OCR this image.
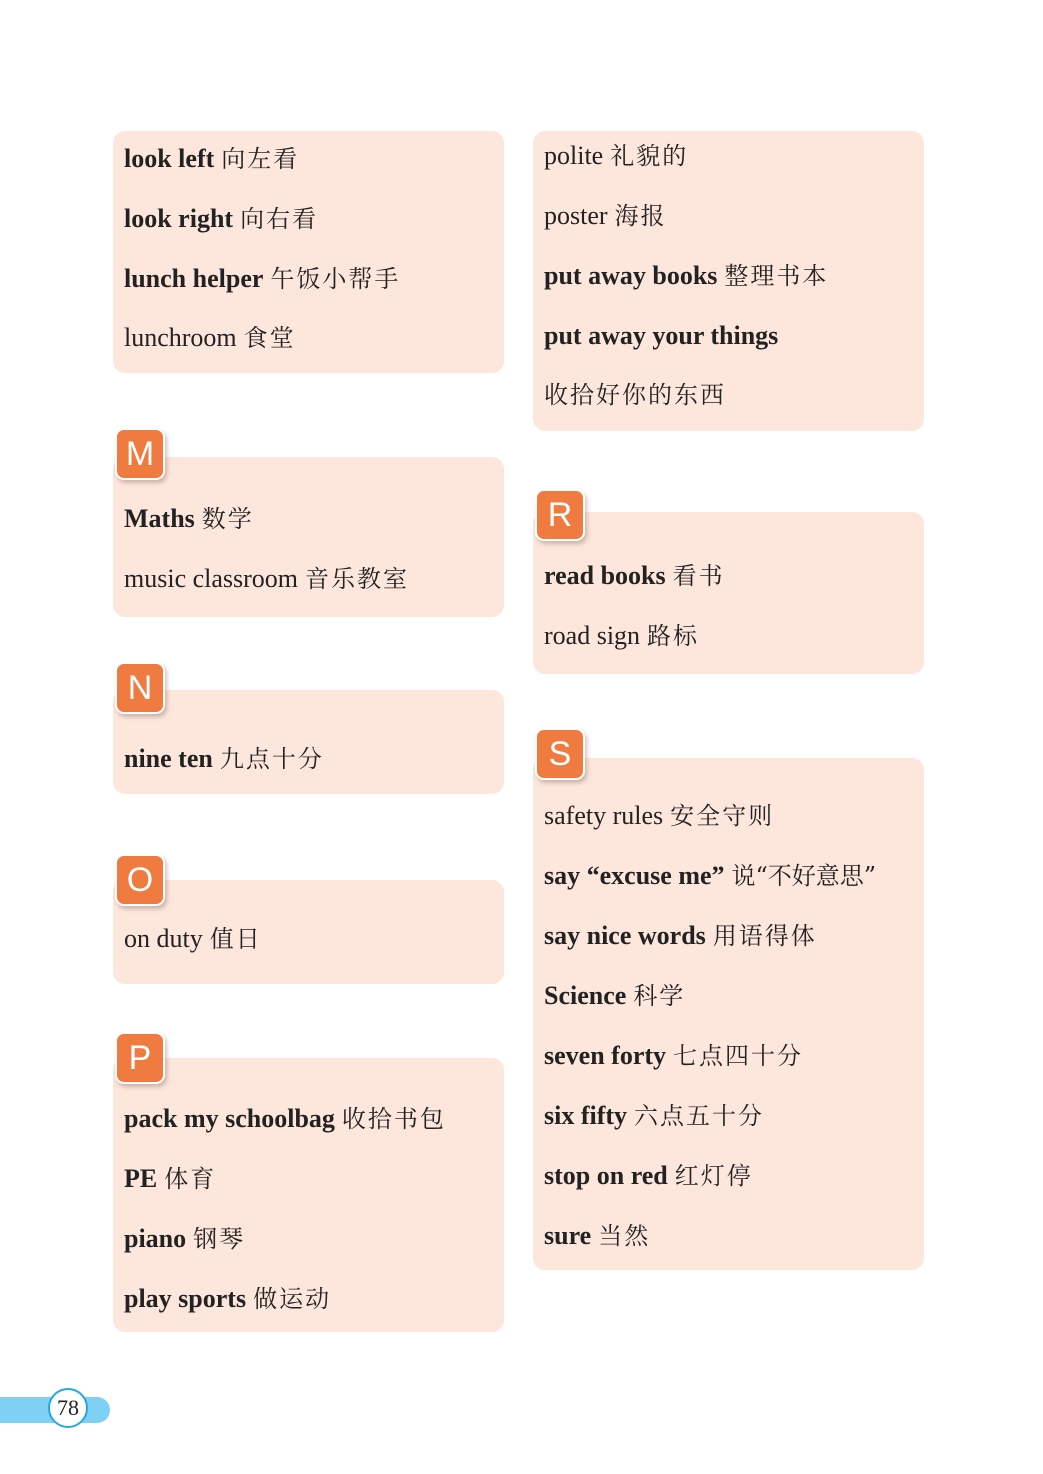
look left 向左看
look right 向右看
lunch helper 午饭小帮手
lunchroom 食堂
Maths 数学
music classroom 音乐教室
M
nine ten 九点十分
N
on duty 值日
O
pack my schoolbag 收拾书包
PE 体育
piano 钢琴
play sports 做运动
P
polite 礼貌的
poster 海报
put away books 整理书本
put away your things
收拾好你的东西
read books 看书
road sign 路标
R
safety rules 安全守则
say “excuse me” 说“不好意思”
say nice words 用语得体
Science 科学
seven forty 七点四十分
six fifty 六点五十分
stop on red 红灯停
sure 当然
S
78
